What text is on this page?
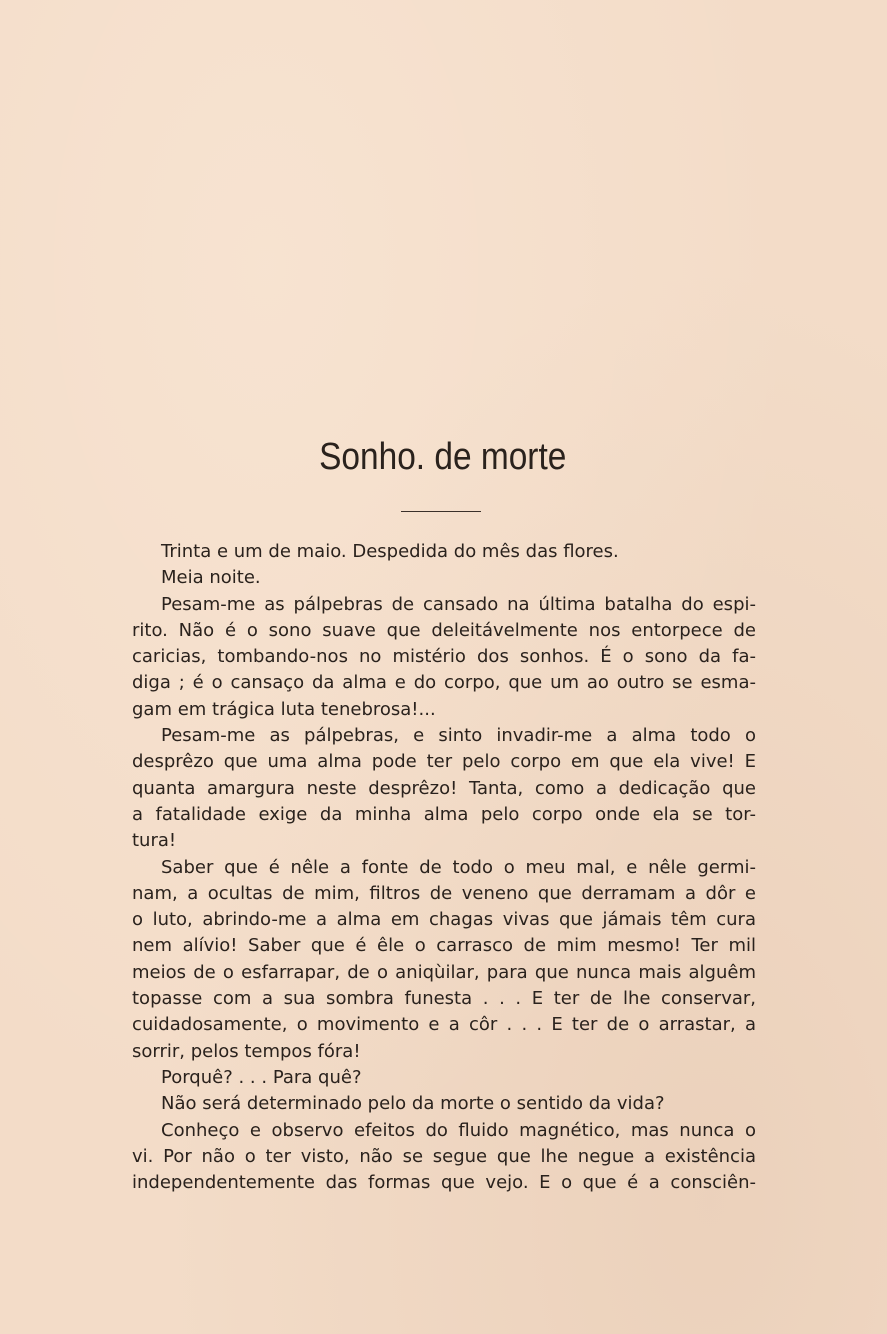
Sonho. de morte
Trinta e um de maio. Despedida do mês das flores.
Meia noite.
Pesam-me as pálpebras de cansado na última batalha do espi-
rito. Não é o sono suave que deleitávelmente nos entorpece de
caricias, tombando-nos no mistério dos sonhos. É o sono da fa-
diga ; é o cansaço da alma e do corpo, que um ao outro se esma-
gam em trágica luta tenebrosa!...
Pesam-me as pálpebras, e sinto invadir-me a alma todo o
desprêzo que uma alma pode ter pelo corpo em que ela vive! E
quanta amargura neste desprêzo! Tanta, como a dedicação que
a fatalidade exige da minha alma pelo corpo onde ela se tor-
tura!
Saber que é nêle a fonte de todo o meu mal, e nêle germi-
nam, a ocultas de mim, filtros de veneno que derramam a dôr e
o luto, abrindo-me a alma em chagas vivas que jámais têm cura
nem alívio! Saber que é êle o carrasco de mim mesmo! Ter mil
meios de o esfarrapar, de o aniqùilar, para que nunca mais alguêm
topasse com a sua sombra funesta . . . E ter de lhe conservar,
cuidadosamente, o movimento e a côr . . . E ter de o arrastar, a
sorrir, pelos tempos fóra!
Porquê? . . . Para quê?
Não será determinado pelo da morte o sentido da vida?
Conheço e observo efeitos do fluido magnético, mas nunca o
vi. Por não o ter visto, não se segue que lhe negue a existência
independentemente das formas que vejo. E o que é a consciên-
